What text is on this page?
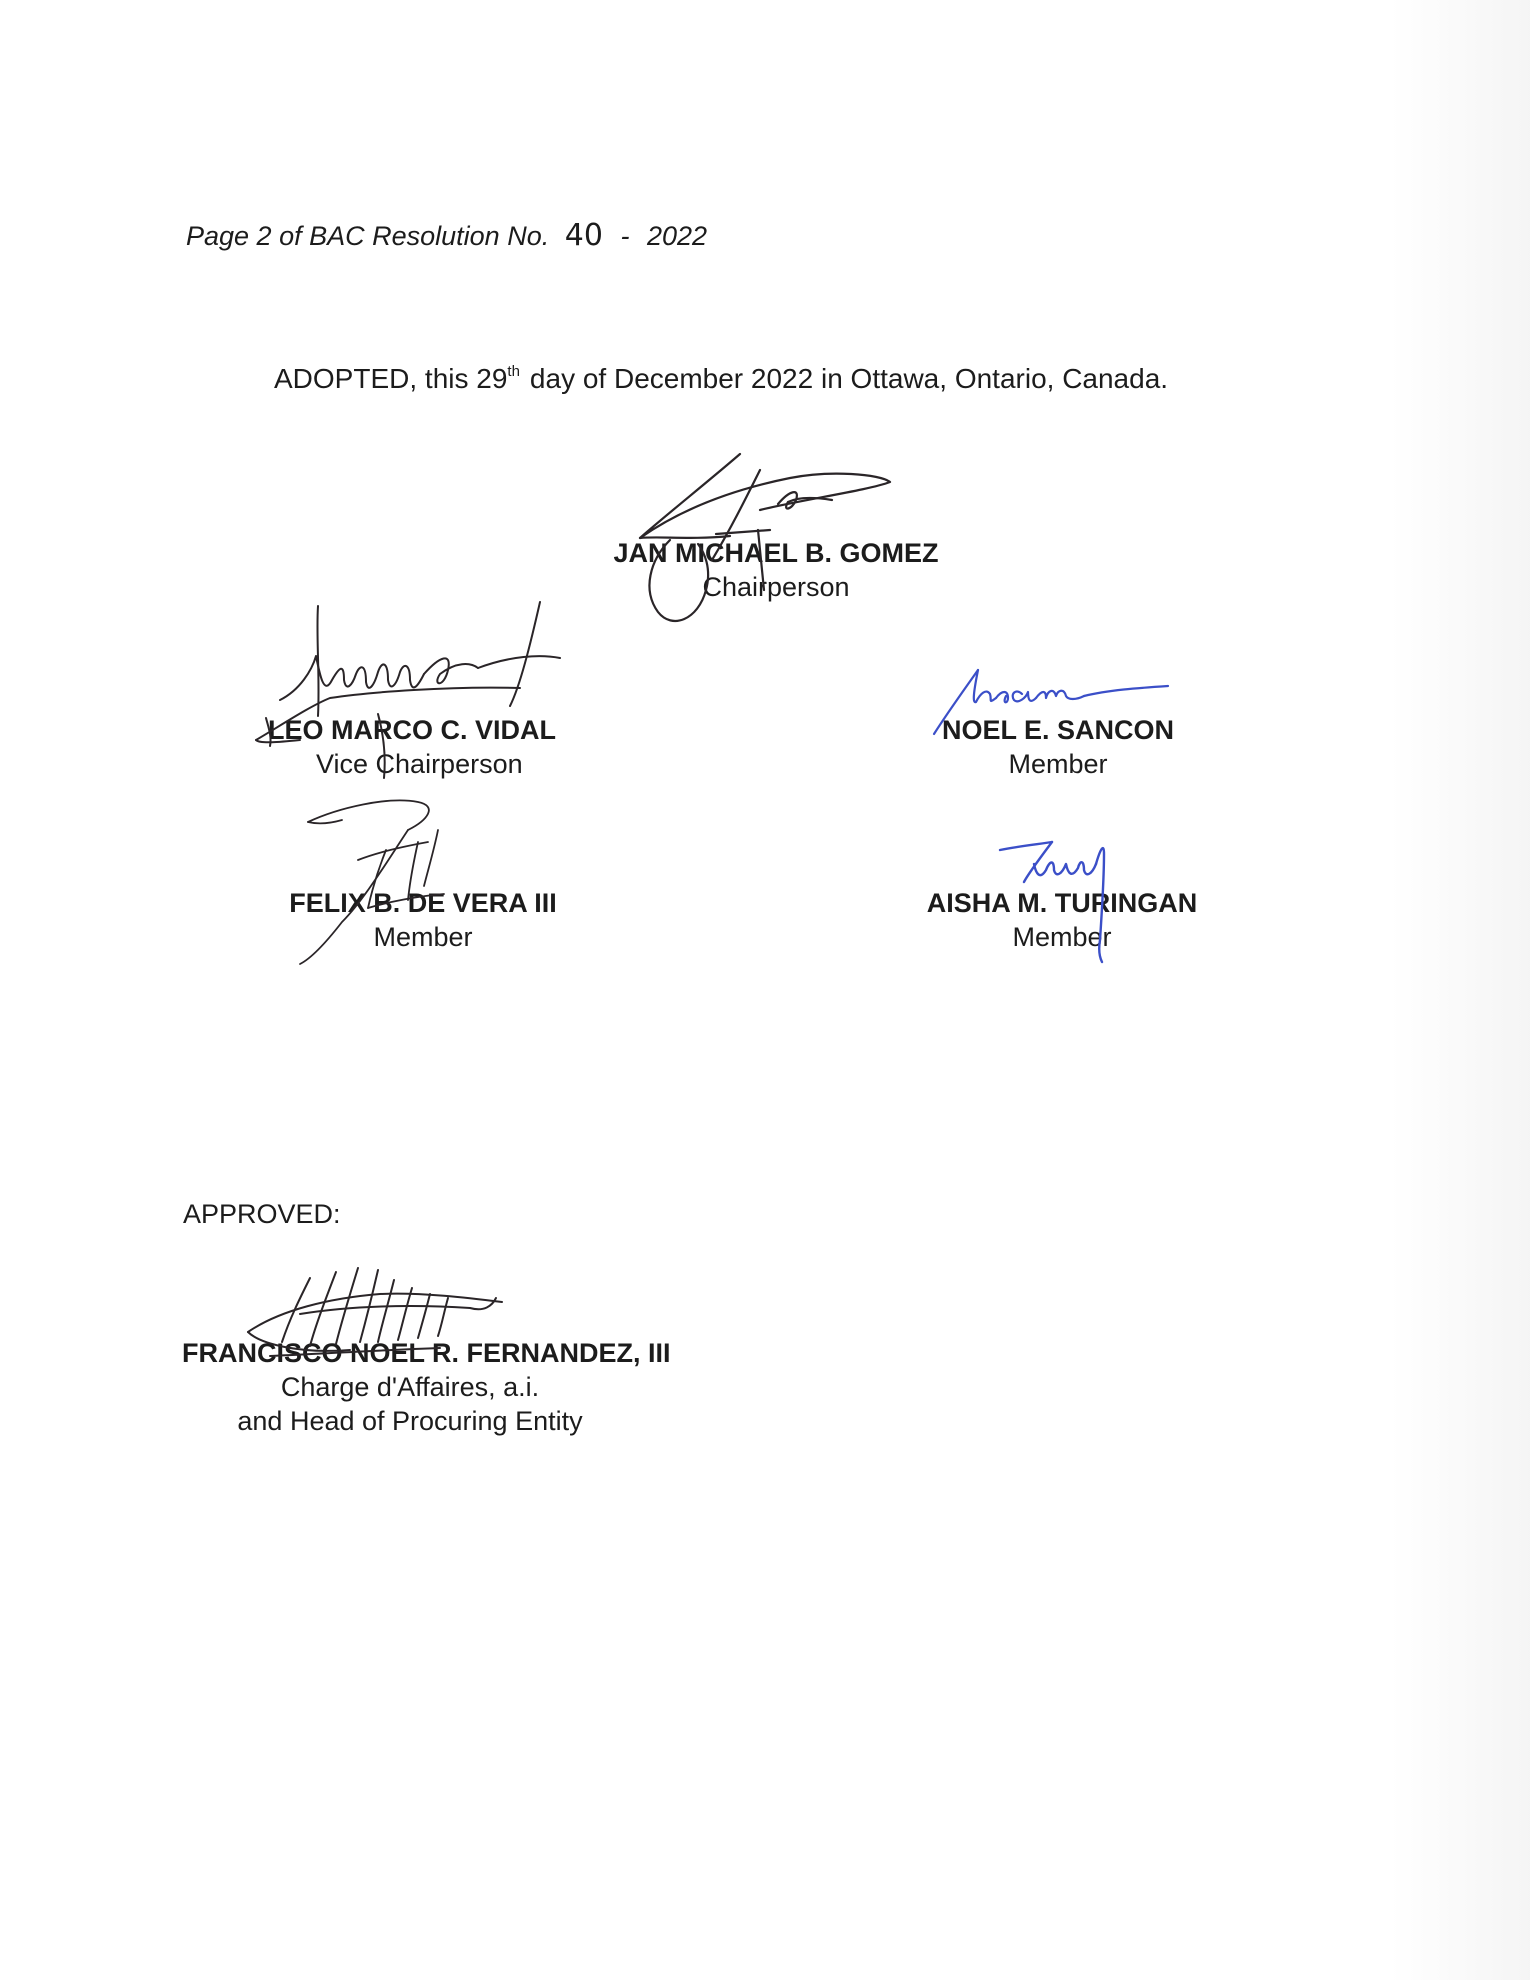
Page 2 of BAC Resolution No. 40 - 2022
ADOPTED, this 29th day of December 2022 in Ottawa, Ontario, Canada.
JAN MICHAEL B. GOMEZ
Chairperson
LEO MARCO C. VIDAL
Vice Chairperson
NOEL E. SANCON
Member
FELIX B. DE VERA III
Member
AISHA M. TURINGAN
Member
APPROVED:
FRANCISCO NOEL R. FERNANDEZ, III
Charge d'Affaires, a.i.
and Head of Procuring Entity
